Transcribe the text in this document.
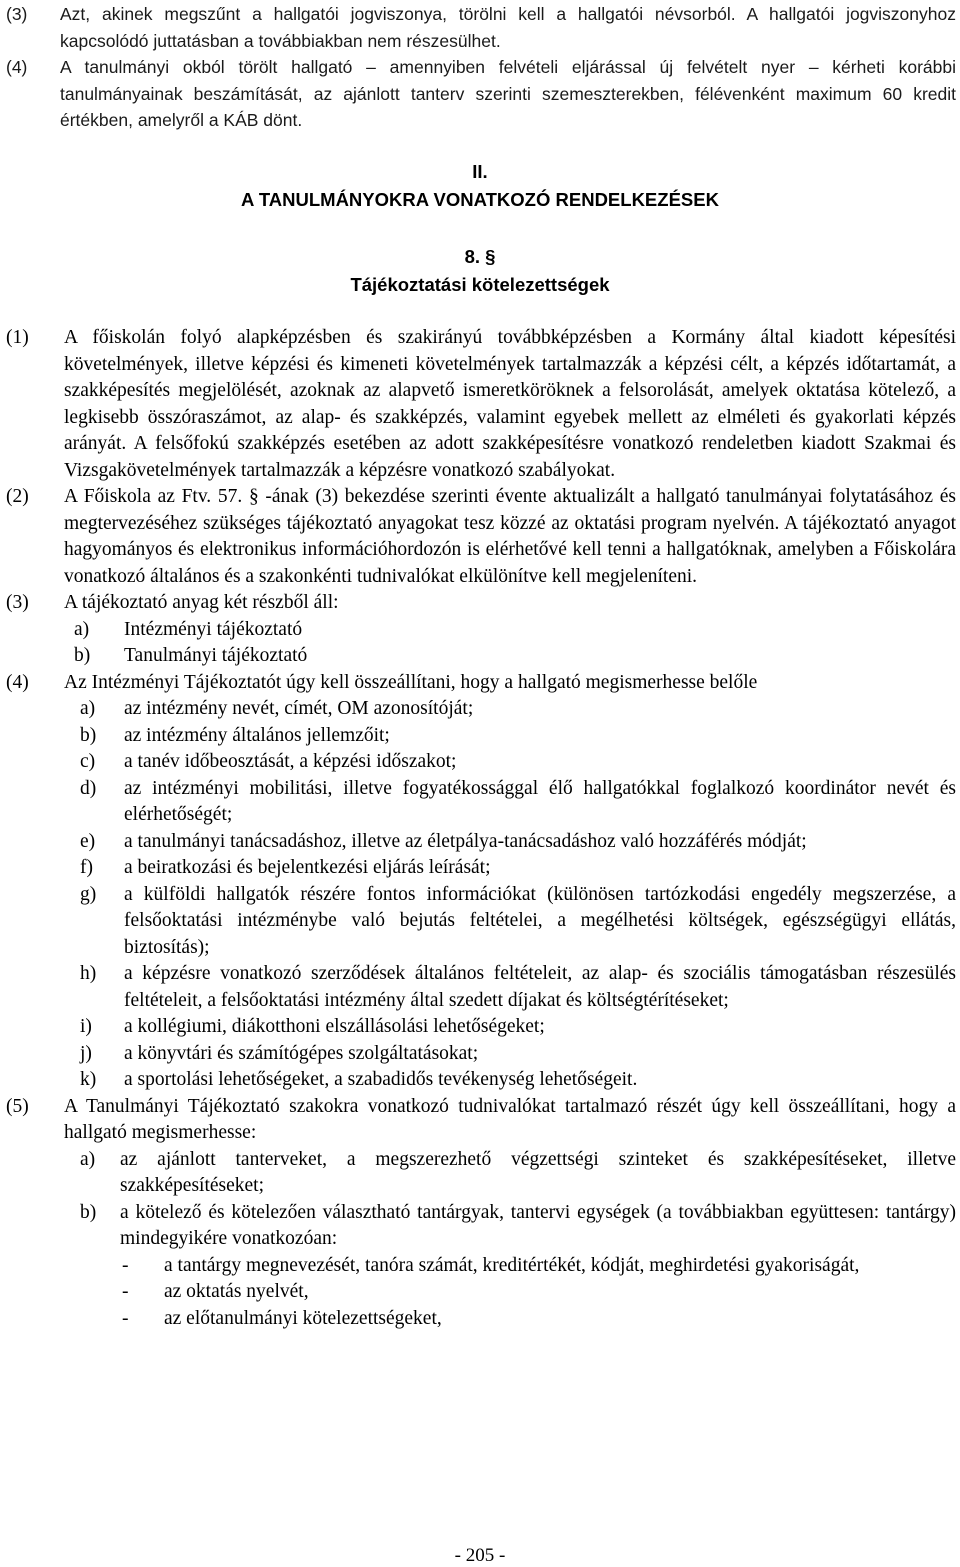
(3) Azt, akinek megszűnt a hallgatói jogviszonya, törölni kell a hallgatói névsorból. A hallgatói jogviszonyhoz kapcsolódó juttatásban a továbbiakban nem részesülhet.
(4) A tanulmányi okból törölt hallgató – amennyiben felvételi eljárással új felvételt nyer – kérheti korábbi tanulmányainak beszámítását, az ajánlott tanterv szerinti szemeszterekben, félévenként maximum 60 kredit értékben, amelyről a KÁB dönt.
II.
A TANULMÁNYOKRA VONATKOZÓ RENDELKEZÉSEK
8. §
Tájékoztatási kötelezettségek
(1) A főiskolán folyó alapképzésben és szakirányú továbbképzésben a Kormány által kiadott képesítési követelmények, illetve képzési és kimeneti követelmények tartalmazzák a képzési célt, a képzés időtartamát, a szakképesítés megjelölését, azoknak az alapvető ismeretköröknek a felsorolását, amelyek oktatása kötelező, a legkisebb összóraszámot, az alap- és szakképzés, valamint egyebek mellett az elméleti és gyakorlati képzés arányát. A felsőfokú szakképzés esetében az adott szakképesítésre vonatkozó rendeletben kiadott Szakmai és Vizsgakövetelmények tartalmazzák a képzésre vonatkozó szabályokat.
(2) A Főiskola az Ftv. 57. § -ának (3) bekezdése szerinti évente aktualizált a hallgató tanulmányai folytatásához és megtervezéséhez szükséges tájékoztató anyagokat tesz közzé az oktatási program nyelvén. A tájékoztató anyagot hagyományos és elektronikus információhordozón is elérhetővé kell tenni a hallgatóknak, amelyben a Főiskolára vonatkozó általános és a szakonkénti tudnivalókat elkülönítve kell megjeleníteni.
(3) A tájékoztató anyag két részből áll:
a) Intézményi tájékoztató
b) Tanulmányi tájékoztató
(4) Az Intézményi Tájékoztatót úgy kell összeállítani, hogy a hallgató megismerhesse belőle
a) az intézmény nevét, címét, OM azonosítóját;
b) az intézmény általános jellemzőit;
c) a tanév időbeosztását, a képzési időszakot;
d) az intézményi mobilitási, illetve fogyatékossággal élő hallgatókkal foglalkozó koordinátor nevét és elérhetőségét;
e) a tanulmányi tanácsadáshoz, illetve az életpálya-tanácsadáshoz való hozzáférés módját;
f) a beiratkozási és bejelentkezési eljárás leírását;
g) a külföldi hallgatók részére fontos információkat (különösen tartózkodási engedély megszerzése, a felsőoktatási intézménybe való bejutás feltételei, a megélhetési költségek, egészségügyi ellátás, biztosítás);
h) a képzésre vonatkozó szerződések általános feltételeit, az alap- és szociális támogatásban részesülés feltételeit, a felsőoktatási intézmény által szedett díjakat és költségtérítéseket;
i) a kollégiumi, diákotthoni elszállásolási lehetőségeket;
j) a könyvtári és számítógépes szolgáltatásokat;
k) a sportolási lehetőségeket, a szabadidős tevékenység lehetőségeit.
(5) A Tanulmányi Tájékoztató szakokra vonatkozó tudnivalókat tartalmazó részét úgy kell összeállítani, hogy a hallgató megismerhesse:
a) az ajánlott tanterveket, a megszerezhető végzettségi szinteket és szakképesítéseket, illetve szakképesítéseket;
b) a kötelező és kötelezően választható tantárgyak, tantervi egységek (a továbbiakban együttesen: tantárgy) mindegyikére vonatkozóan:
- a tantárgy megnevezését, tanóra számát, kreditértékét, kódját, meghirdetési gyakoriságát,
- az oktatás nyelvét,
- az előtanulmányi kötelezettségeket,
- 205 -
